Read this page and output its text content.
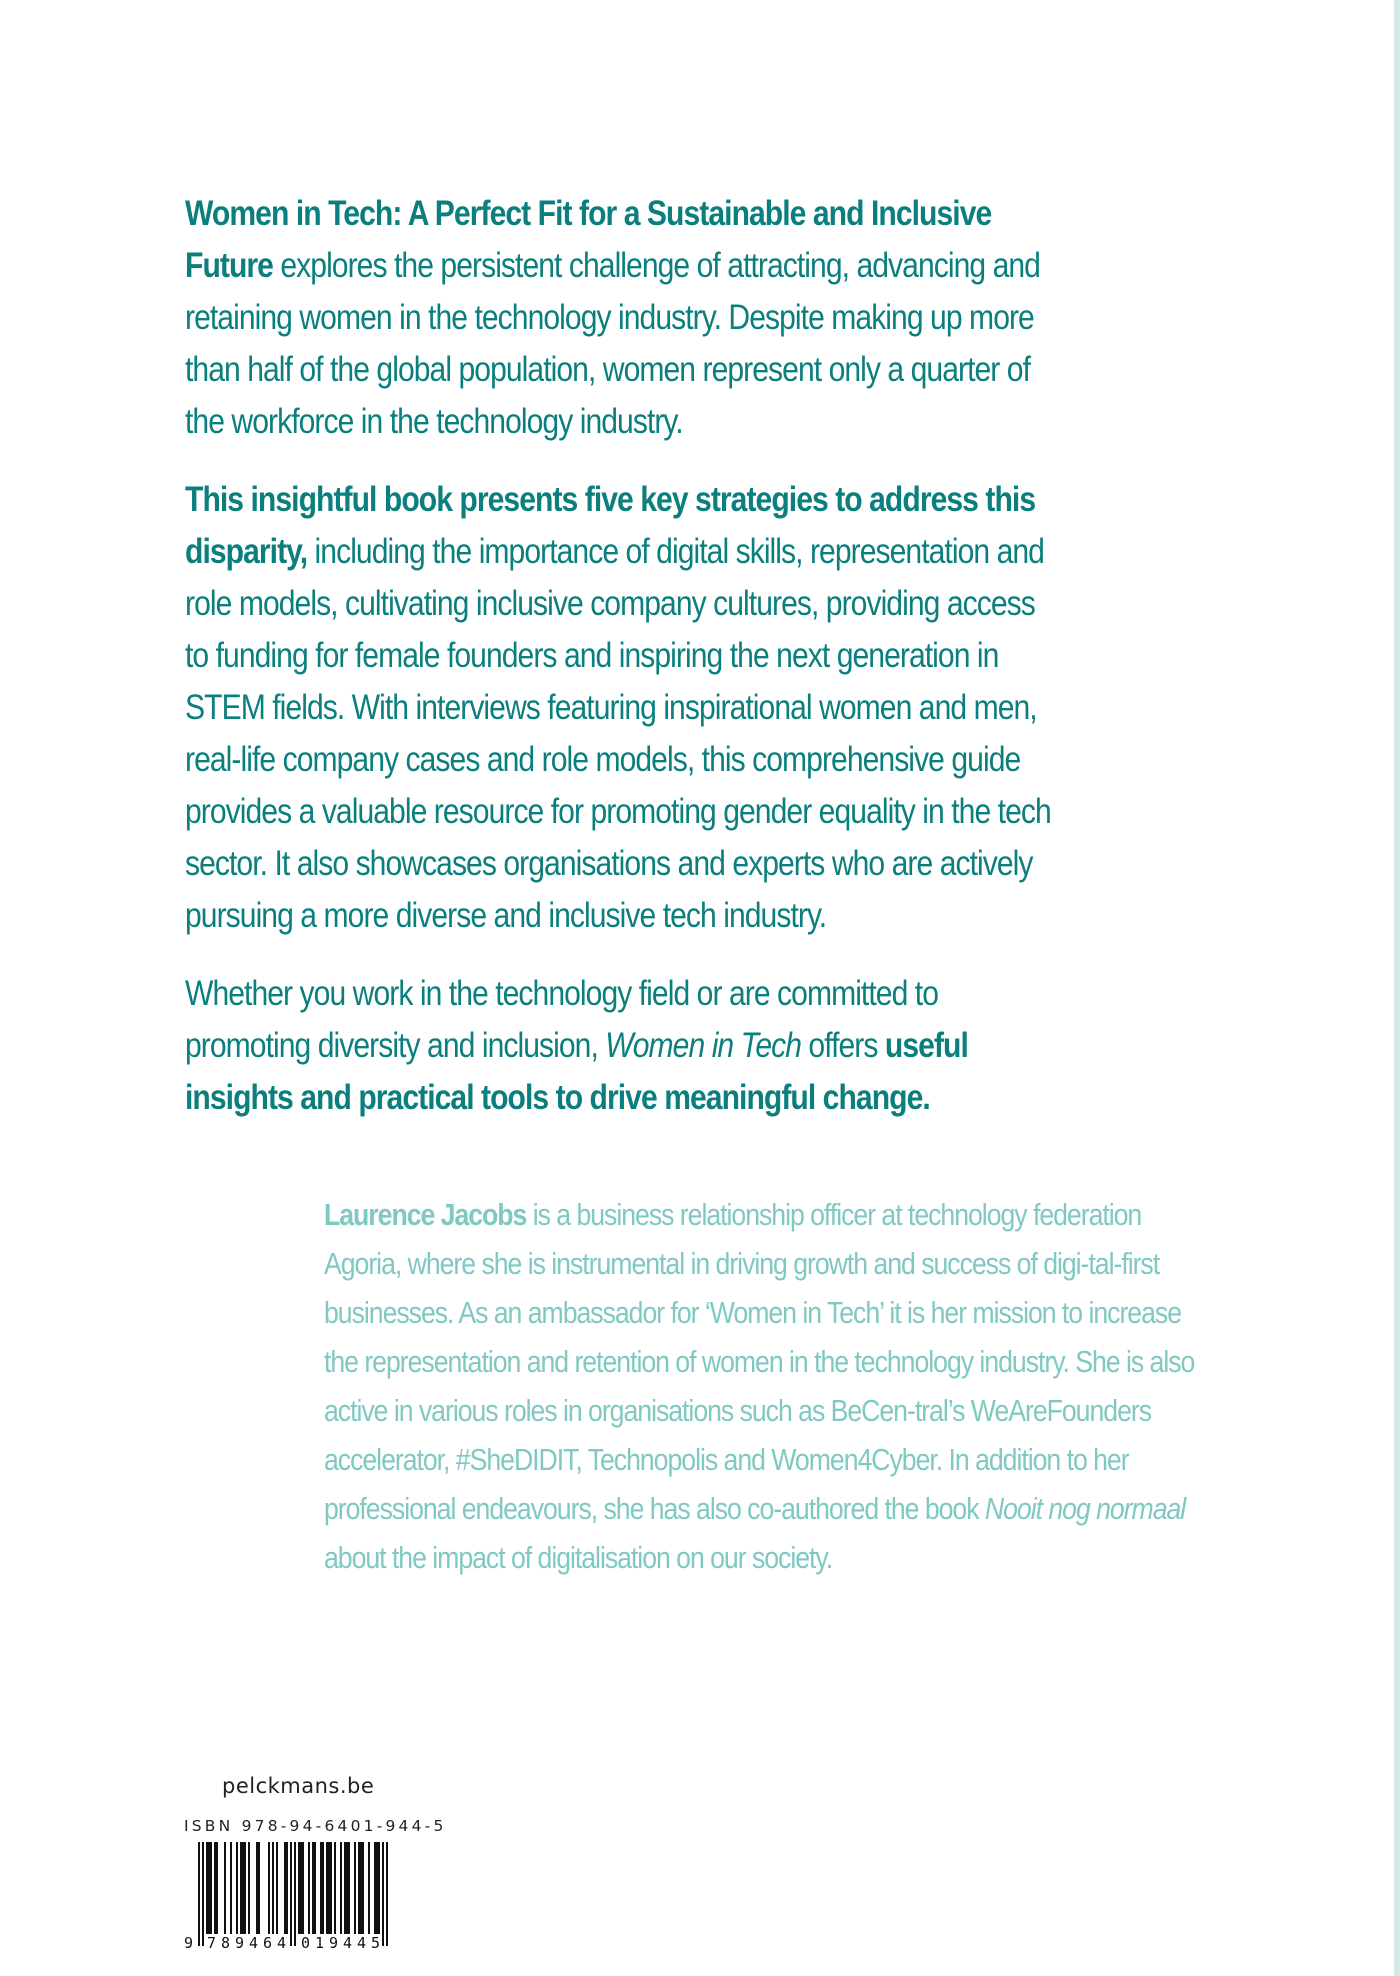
Women in Tech: A Perfect Fit for a Sustainable and Inclusive Future explores the persistent challenge of attracting, advancing and retaining women in the technology industry. Despite making up more than half of the global population, women represent only a quarter of the workforce in the technology industry.

This insightful book presents five key strategies to address this disparity, including the importance of digital skills, representation and role models, cultivating inclusive company cultures, providing access to funding for female founders and inspiring the next generation in STEM fields. With interviews featuring inspirational women and men, real-life company cases and role models, this comprehensive guide provides a valuable resource for promoting gender equality in the tech sector. It also showcases organisations and experts who are actively pursuing a more diverse and inclusive tech industry.

Whether you work in the technology field or are committed to promoting diversity and inclusion, Women in Tech offers useful insights and practical tools to drive meaningful change.

Laurence Jacobs is a business relationship officer at technology federation Agoria, where she is instrumental in driving growth and success of digi-tal-first businesses. As an ambassador for ‘Women in Tech’ it is her mission to increase the representation and retention of women in the technology industry. She is also active in various roles in organisations such as BeCen-tral’s WeAreFounders accelerator, #SheDIDIT, Technopolis and Women4Cyber. In addition to her professional endeavours, she has also co-authored the book Nooit nog normaal about the impact of digitalisation on our society.
pelckmans.be
ISBN 978-94-6401-944-5
9 7 8 9 4 6 4 0 1 9 4 4 5
